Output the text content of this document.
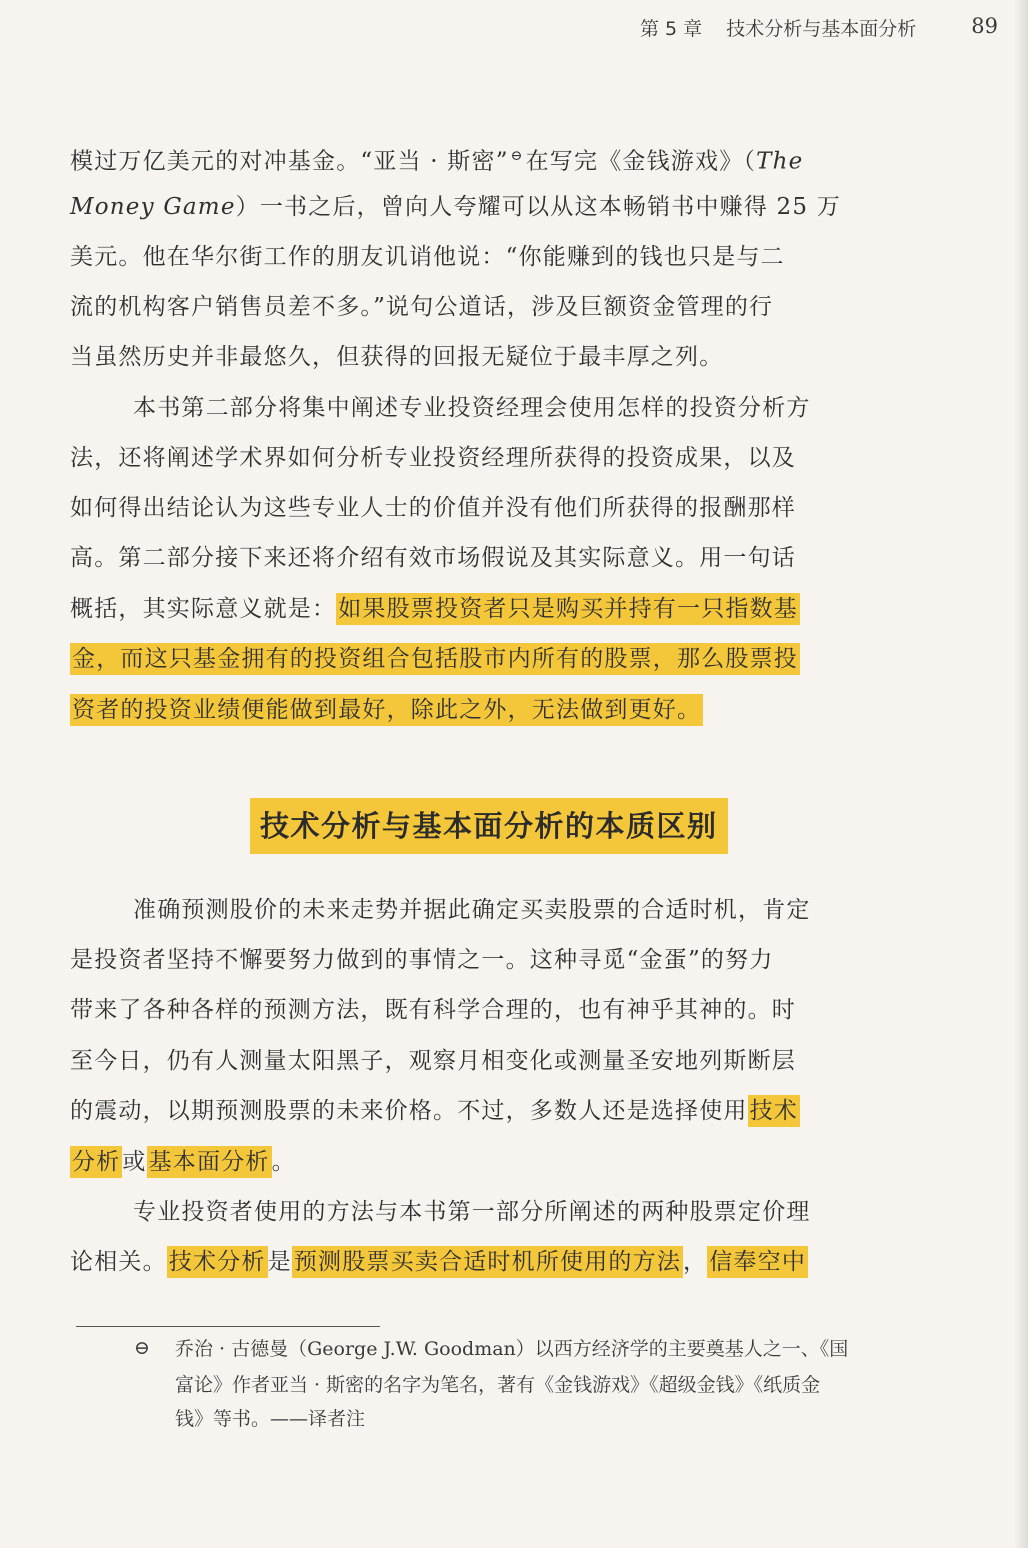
第 5 章 技术分析与基本面分析	89
模过万亿美元的对冲基金。“亚当 · 斯密” ⊖在写完《金钱游戏》（The
Money Game）一书之后，曾向人夸耀可以从这本畅销书中赚得 25 万
美元。他在华尔街工作的朋友讥诮他说：“你能赚到的钱也只是与二
流的机构客户销售员差不多。”说句公道话，涉及巨额资金管理的行
当虽然历史并非最悠久，但获得的回报无疑位于最丰厚之列。
本书第二部分将集中阐述专业投资经理会使用怎样的投资分析方
法，还将阐述学术界如何分析专业投资经理所获得的投资成果，以及
如何得出结论认为这些专业人士的价值并没有他们所获得的报酬那样
高。第二部分接下来还将介绍有效市场假说及其实际意义。用一句话
概括，其实际意义就是：如果股票投资者只是购买并持有一只指数基
金，而这只基金拥有的投资组合包括股市内所有的股票，那么股票投
资者的投资业绩便能做到最好，除此之外，无法做到更好。
技术分析与基本面分析的本质区别
准确预测股价的未来走势并据此确定买卖股票的合适时机，肯定
是投资者坚持不懈要努力做到的事情之一。这种寻觅“金蛋”的努力
带来了各种各样的预测方法，既有科学合理的，也有神乎其神的。时
至今日，仍有人测量太阳黑子，观察月相变化或测量圣安地列斯断层
的震动，以期预测股票的未来价格。不过，多数人还是选择使用技术
分析或基本面分析。
专业投资者使用的方法与本书第一部分所阐述的两种股票定价理
论相关。技术分析是预测股票买卖合适时机所使用的方法，信奉空中
⊖ 乔治 · 古德曼（George J.W. Goodman）以西方经济学的主要奠基人之一、《国
富论》作者亚当 · 斯密的名字为笔名，著有《金钱游戏》《超级金钱》《纸质金
钱》等书。——译者注
